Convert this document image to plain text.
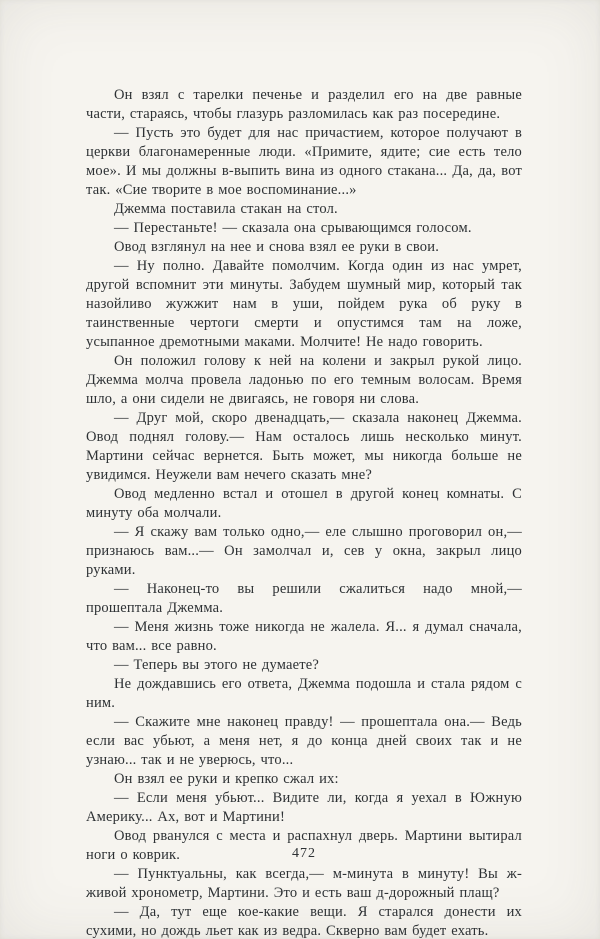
Он взял с тарелки печенье и разделил его на две равные части, стараясь, чтобы глазурь разломилась как раз посередине.

— Пусть это будет для нас причастием, которое получают в церкви благонамеренные люди. «Примите, ядите; сие есть тело мое». И мы должны в-выпить вина из одного стакана... Да, да, вот так. «Сие творите в мое воспоминание...»

Джемма поставила стакан на стол.

— Перестаньте! — сказала она срывающимся голосом.

Овод взглянул на нее и снова взял ее руки в свои.

— Ну полно. Давайте помолчим. Когда один из нас умрет, другой вспомнит эти минуты. Забудем шумный мир, который так назойливо жужжит нам в уши, пойдем рука об руку в таинственные чертоги смерти и опустимся там на ложе, усыпанное дремотными маками. Молчите! Не надо говорить.

Он положил голову к ней на колени и закрыл рукой лицо. Джемма молча провела ладонью по его темным волосам. Время шло, а они сидели не двигаясь, не говоря ни слова.

— Друг мой, скоро двенадцать,— сказала наконец Джемма. Овод поднял голову.— Нам осталось лишь несколько минут. Мартини сейчас вернется. Быть может, мы никогда больше не увидимся. Неужели вам нечего сказать мне?

Овод медленно встал и отошел в другой конец комнаты. С минуту оба молчали.

— Я скажу вам только одно,— еле слышно проговорил он,— признаюсь вам...— Он замолчал и, сев у окна, закрыл лицо руками.

— Наконец-то вы решили сжалиться надо мной,— прошептала Джемма.

— Меня жизнь тоже никогда не жалела. Я... я думал сначала, что вам... все равно.

— Теперь вы этого не думаете?

Не дождавшись его ответа, Джемма подошла и стала рядом с ним.

— Скажите мне наконец правду! — прошептала она.— Ведь если вас убьют, а меня нет, я до конца дней своих так и не узнаю... так и не уверюсь, что...

Он взял ее руки и крепко сжал их:

— Если меня убьют... Видите ли, когда я уехал в Южную Америку... Ах, вот и Мартини!

Овод рванулся с места и распахнул дверь. Мартини вытирал ноги о коврик.

— Пунктуальны, как всегда,— м-минута в минуту! Вы ж-живой хронометр, Мартини. Это и есть ваш д-дорожный плащ?

— Да, тут еще кое-какие вещи. Я старался донести их сухими, но дождь льет как из ведра. Скверно вам будет ехать.

472
